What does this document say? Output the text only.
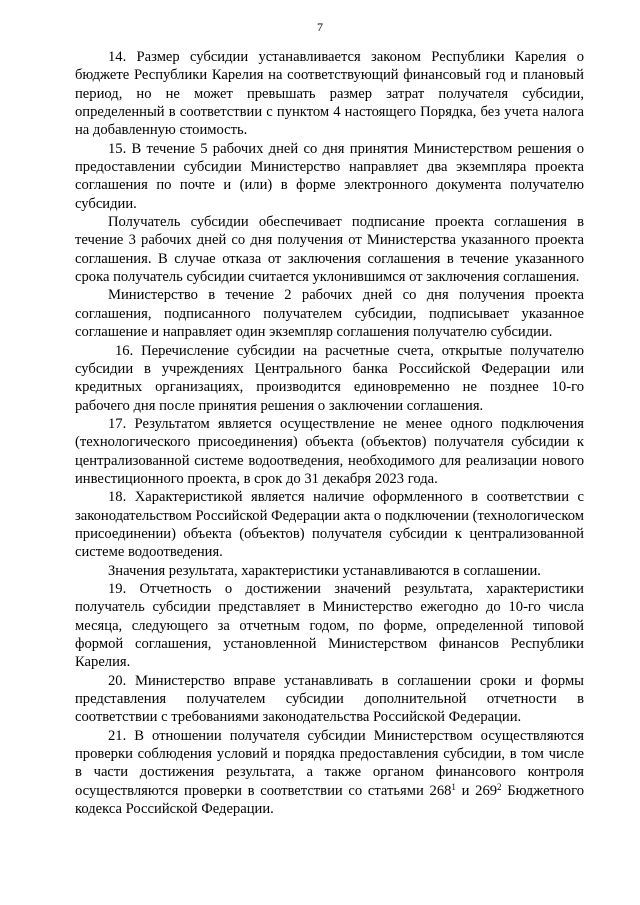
7

14. Размер субсидии устанавливается законом Республики Карелия о бюджете Республики Карелия на соответствующий финансовый год и плановый период, но не может превышать размер затрат получателя субсидии, определенный в соответствии с пунктом 4 настоящего Порядка, без учета налога на добавленную стоимость.

15. В течение 5 рабочих дней со дня принятия Министерством решения о предоставлении субсидии Министерство направляет два экземпляра проекта соглашения по почте и (или) в форме электронного документа получателю субсидии.

Получатель субсидии обеспечивает подписание проекта соглашения в течение 3 рабочих дней со дня получения от Министерства указанного проекта соглашения. В случае отказа от заключения соглашения в течение указанного срока получатель субсидии считается уклонившимся от заключения соглашения.

Министерство в течение 2 рабочих дней со дня получения проекта соглашения, подписанного получателем субсидии, подписывает указанное соглашение и направляет один экземпляр соглашения получателю субсидии.

16. Перечисление субсидии на расчетные счета, открытые получателю субсидии в учреждениях Центрального банка Российской Федерации или кредитных организациях, производится единовременно не позднее 10-го рабочего дня после принятия решения о заключении соглашения.

17. Результатом является осуществление не менее одного подключения (технологического присоединения) объекта (объектов) получателя субсидии к централизованной системе водоотведения, необходимого для реализации нового инвестиционного проекта, в срок до 31 декабря 2023 года.

18. Характеристикой является наличие оформленного в соответствии с законодательством Российской Федерации акта о подключении (технологическом присоединении) объекта (объектов) получателя субсидии к централизованной системе водоотведения.

Значения результата, характеристики устанавливаются в соглашении.

19. Отчетность о достижении значений результата, характеристики получатель субсидии представляет в Министерство ежегодно до 10-го числа месяца, следующего за отчетным годом, по форме, определенной типовой формой соглашения, установленной Министерством финансов Республики Карелия.

20. Министерство вправе устанавливать в соглашении сроки и формы представления получателем субсидии дополнительной отчетности в соответствии с требованиями законодательства Российской Федерации.

21. В отношении получателя субсидии Министерством осуществляются проверки соблюдения условий и порядка предоставления субсидии, в том числе в части достижения результата, а также органом финансового контроля осуществляются проверки в соответствии со статьями $268^1$ и $269^2$ Бюджетного кодекса Российской Федерации.
